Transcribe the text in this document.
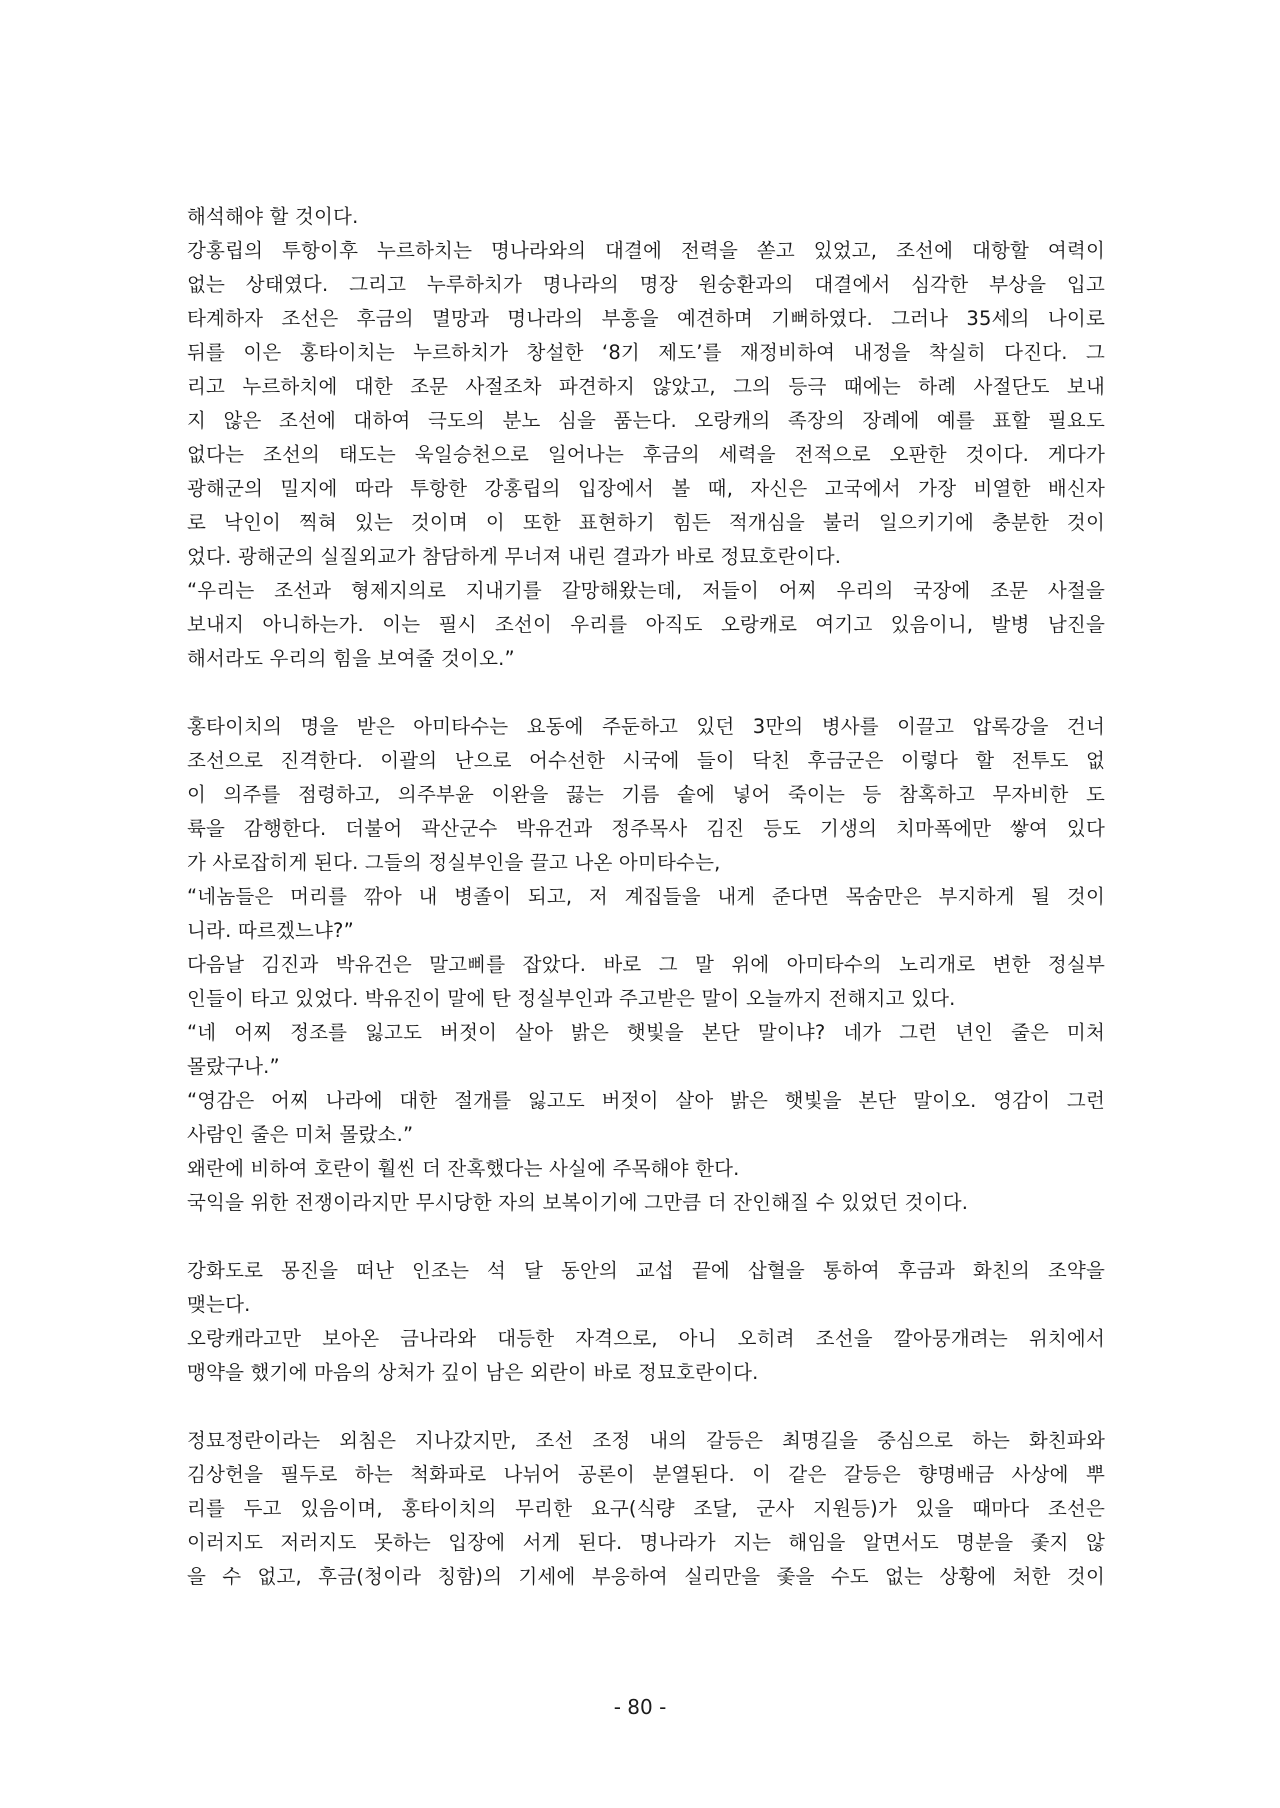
해석해야 할 것이다.
강홍립의 투항이후 누르하치는 명나라와의 대결에 전력을 쏟고 있었고, 조선에 대항할 여력이
없는 상태였다. 그리고 누루하치가 명나라의 명장 원숭환과의 대결에서 심각한 부상을 입고
타계하자 조선은 후금의 멸망과 명나라의 부흥을 예견하며 기뻐하였다. 그러나 35세의 나이로
뒤를 이은 홍타이치는 누르하치가 창설한 ‘8기 제도’를 재정비하여 내정을 착실히 다진다. 그
리고 누르하치에 대한 조문 사절조차 파견하지 않았고, 그의 등극 때에는 하례 사절단도 보내
지 않은 조선에 대하여 극도의 분노 심을 품는다. 오랑캐의 족장의 장례에 예를 표할 필요도
없다는 조선의 태도는 욱일승천으로 일어나는 후금의 세력을 전적으로 오판한 것이다. 게다가
광해군의 밀지에 따라 투항한 강홍립의 입장에서 볼 때, 자신은 고국에서 가장 비열한 배신자
로 낙인이 찍혀 있는 것이며 이 또한 표현하기 힘든 적개심을 불러 일으키기에 충분한 것이
었다. 광해군의 실질외교가 참담하게 무너져 내린 결과가 바로 정묘호란이다.
“우리는 조선과 형제지의로 지내기를 갈망해왔는데, 저들이 어찌 우리의 국장에 조문 사절을
보내지 아니하는가. 이는 필시 조선이 우리를 아직도 오랑캐로 여기고 있음이니, 발병 남진을
해서라도 우리의 힘을 보여줄 것이오.”
홍타이치의 명을 받은 아미타수는 요동에 주둔하고 있던 3만의 병사를 이끌고 압록강을 건너
조선으로 진격한다. 이괄의 난으로 어수선한 시국에 들이 닥친 후금군은 이렇다 할 전투도 없
이 의주를 점령하고, 의주부윤 이완을 끓는 기름 솥에 넣어 죽이는 등 참혹하고 무자비한 도
륙을 감행한다. 더불어 곽산군수 박유건과 정주목사 김진 등도 기생의 치마폭에만 쌓여 있다
가 사로잡히게 된다. 그들의 정실부인을 끌고 나온 아미타수는,
“네놈들은 머리를 깎아 내 병졸이 되고, 저 계집들을 내게 준다면 목숨만은 부지하게 될 것이
니라. 따르겠느냐?”
다음날 김진과 박유건은 말고삐를 잡았다. 바로 그 말 위에 아미타수의 노리개로 변한 정실부
인들이 타고 있었다. 박유진이 말에 탄 정실부인과 주고받은 말이 오늘까지 전해지고 있다.
“네 어찌 정조를 잃고도 버젓이 살아 밝은 햇빛을 본단 말이냐? 네가 그런 년인 줄은 미처
몰랐구나.”
“영감은 어찌 나라에 대한 절개를 잃고도 버젓이 살아 밝은 햇빛을 본단 말이오. 영감이 그런
사람인 줄은 미처 몰랐소.”
왜란에 비하여 호란이 훨씬 더 잔혹했다는 사실에 주목해야 한다.
국익을 위한 전쟁이라지만 무시당한 자의 보복이기에 그만큼 더 잔인해질 수 있었던 것이다.
강화도로 몽진을 떠난 인조는 석 달 동안의 교섭 끝에 삽혈을 통하여 후금과 화친의 조약을
맺는다.
오랑캐라고만 보아온 금나라와 대등한 자격으로, 아니 오히려 조선을 깔아뭉개려는 위치에서
맹약을 했기에 마음의 상처가 깊이 남은 외란이 바로 정묘호란이다.
정묘정란이라는 외침은 지나갔지만, 조선 조정 내의 갈등은 최명길을 중심으로 하는 화친파와
김상헌을 필두로 하는 척화파로 나뉘어 공론이 분열된다. 이 같은 갈등은 향명배금 사상에 뿌
리를 두고 있음이며, 홍타이치의 무리한 요구(식량 조달, 군사 지원등)가 있을 때마다 조선은
이러지도 저러지도 못하는 입장에 서게 된다. 명나라가 지는 해임을 알면서도 명분을 좇지 않
을 수 없고, 후금(청이라 칭함)의 기세에 부응하여 실리만을 좇을 수도 없는 상황에 처한 것이
- 80 -
